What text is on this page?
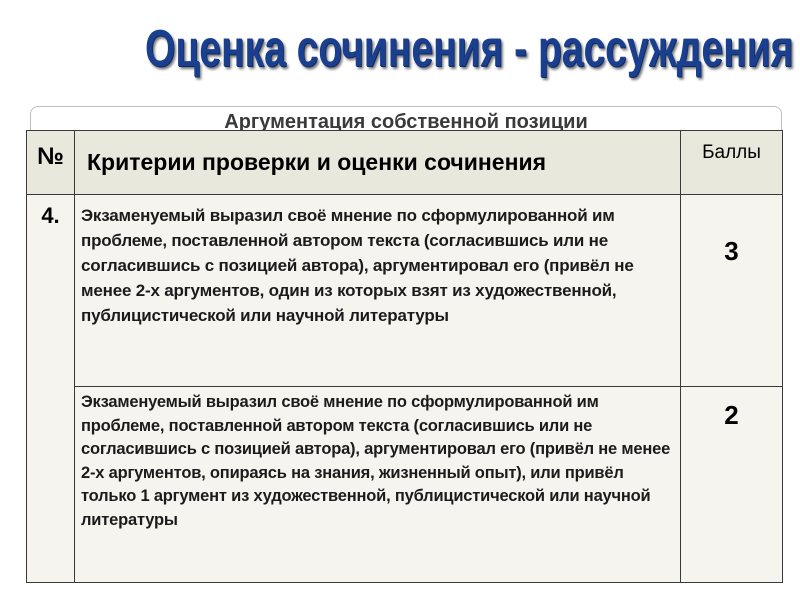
Оценка сочинения - рассуждения
Аргументация собственной позиции
№	Критерии проверки и оценки сочинения	Баллы

4.	Экзаменуемый выразил своё мнение по сформулированной им проблеме, поставленной автором текста (согласившись или не согласившись с позицией автора), аргументировал его (привёл не менее 2-х аргументов, один из которых взят из художественной, публицистической или научной литературы	3

	Экзаменуемый выразил своё мнение по сформулированной им проблеме, поставленной автором текста (согласившись или не согласившись с позицией автора), аргументировал его (привёл не менее 2-х аргументов, опираясь на знания, жизненный опыт), или привёл только 1 аргумент из художественной, публицистической или научной литературы	2
